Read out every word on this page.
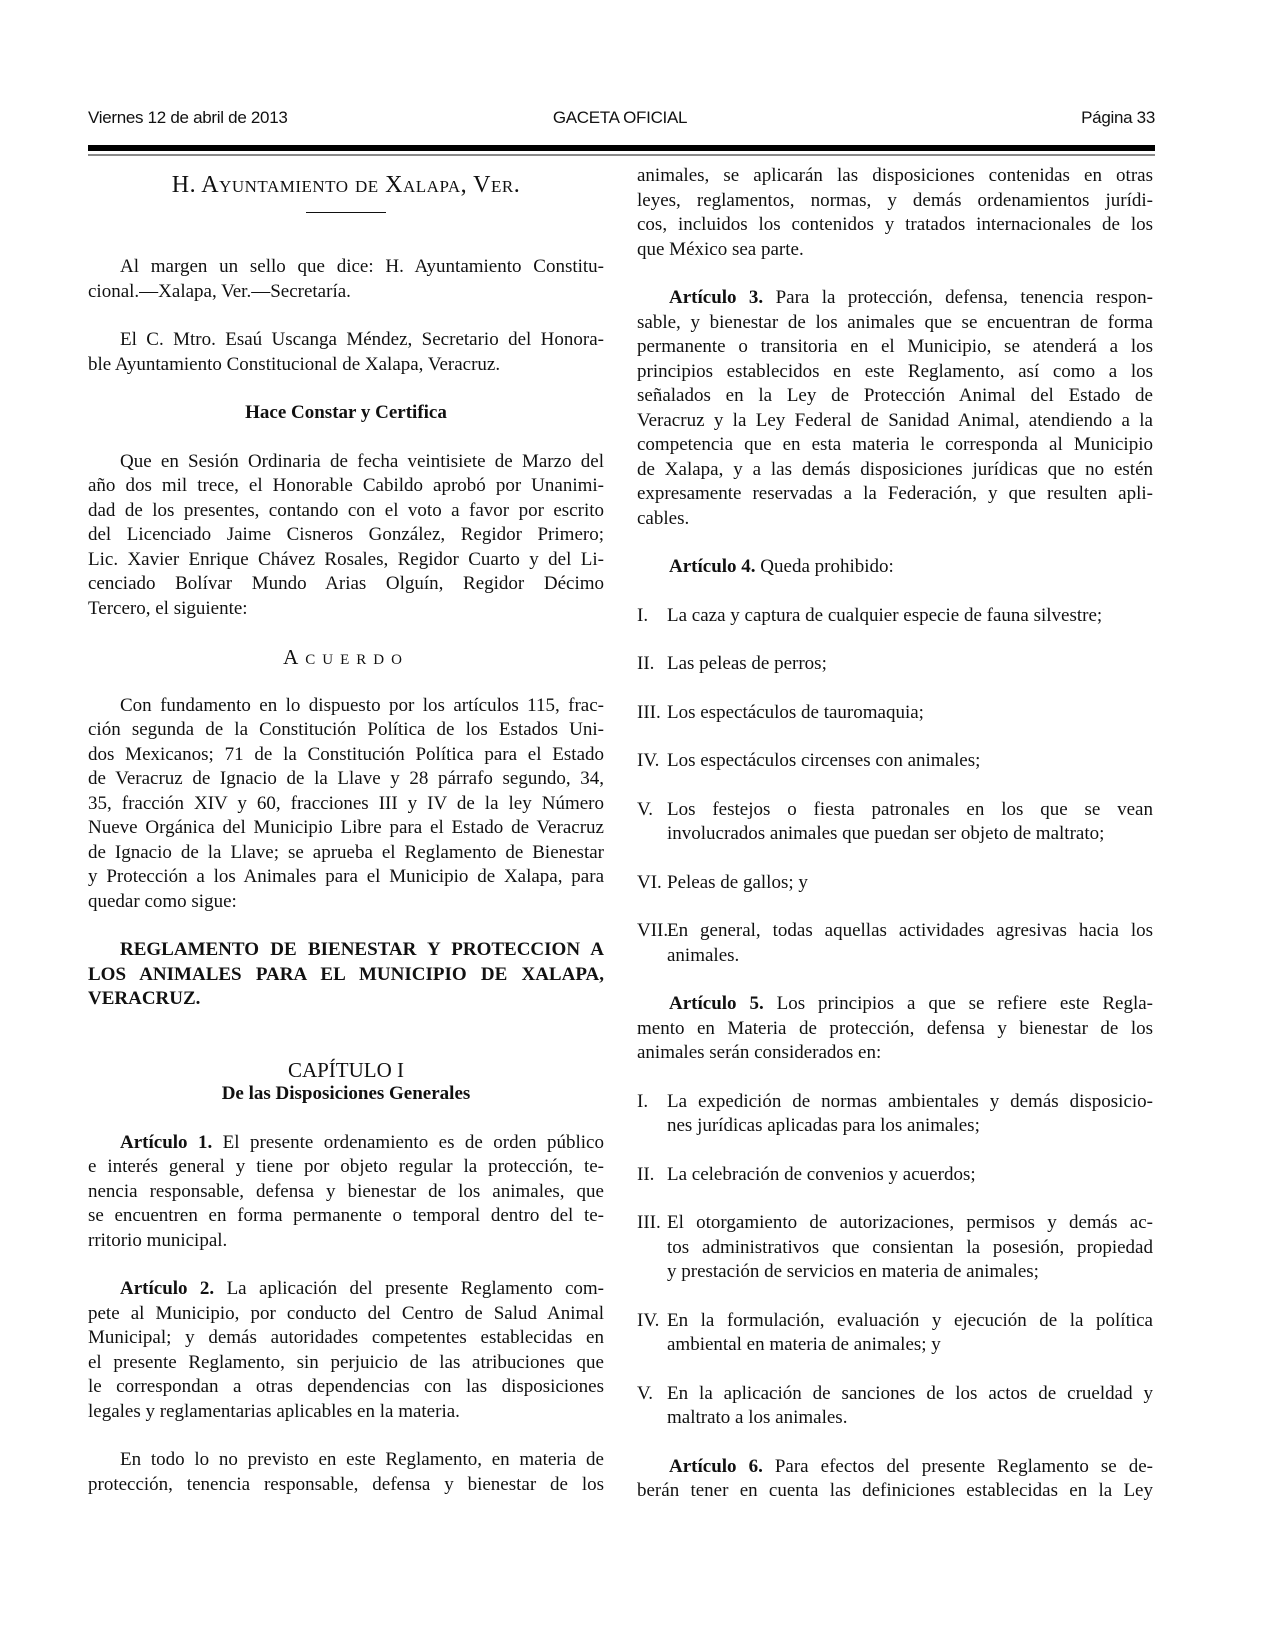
Viernes 12 de abril de 2013	GACETA OFICIAL	Página 33
H. Ayuntamiento de Xalapa, Ver.
Al margen un sello que dice: H. Ayuntamiento Constitu-
cional.—Xalapa, Ver.—Secretaría.
El C. Mtro. Esaú Uscanga Méndez, Secretario del Honora-
ble Ayuntamiento Constitucional de Xalapa, Veracruz.
Hace Constar y Certifica
Que en Sesión Ordinaria de fecha veintisiete de Marzo del
año dos mil trece, el Honorable Cabildo aprobó por Unanimi-
dad de los presentes, contando con el voto a favor por escrito
del Licenciado Jaime Cisneros González, Regidor Primero;
Lic. Xavier Enrique Chávez Rosales, Regidor Cuarto y del Li-
cenciado Bolívar Mundo Arias Olguín, Regidor Décimo
Tercero, el siguiente:
Acuerdo
Con fundamento en lo dispuesto por los artículos 115, frac-
ción segunda de la Constitución Política de los Estados Uni-
dos Mexicanos; 71 de la Constitución Política para el Estado
de Veracruz de Ignacio de la Llave y 28 párrafo segundo, 34,
35, fracción XIV y 60, fracciones III y IV de la ley Número
Nueve Orgánica del Municipio Libre para el Estado de Veracruz
de Ignacio de la Llave; se aprueba el Reglamento de Bienestar
y Protección a los Animales para el Municipio de Xalapa, para
quedar como sigue:
REGLAMENTO DE BIENESTAR Y PROTECCION A
LOS ANIMALES PARA EL MUNICIPIO DE XALAPA,
VERACRUZ.
CAPÍTULO I
De las Disposiciones Generales
Artículo 1. El presente ordenamiento es de orden público
e interés general y tiene por objeto regular la protección, te-
nencia responsable, defensa y bienestar de los animales, que
se encuentren en forma permanente o temporal dentro del te-
rritorio municipal.
Artículo 2. La aplicación del presente Reglamento com-
pete al Municipio, por conducto del Centro de Salud Animal
Municipal; y demás autoridades competentes establecidas en
el presente Reglamento, sin perjuicio de las atribuciones que
le correspondan a otras dependencias con las disposiciones
legales y reglamentarias aplicables en la materia.
En todo lo no previsto en este Reglamento, en materia de
protección, tenencia responsable, defensa y bienestar de los
animales, se aplicarán las disposiciones contenidas en otras
leyes, reglamentos, normas, y demás ordenamientos jurídi-
cos, incluidos los contenidos y tratados internacionales de los
que México sea parte.
Artículo 3. Para la protección, defensa, tenencia respon-
sable, y bienestar de los animales que se encuentran de forma
permanente o transitoria en el Municipio, se atenderá a los
principios establecidos en este Reglamento, así como a los
señalados en la Ley de Protección Animal del Estado de
Veracruz y la Ley Federal de Sanidad Animal, atendiendo a la
competencia que en esta materia le corresponda al Municipio
de Xalapa, y a las demás disposiciones jurídicas que no estén
expresamente reservadas a la Federación, y que resulten apli-
cables.
Artículo 4. Queda prohibido:
I. La caza y captura de cualquier especie de fauna silvestre;
II. Las peleas de perros;
III. Los espectáculos de tauromaquia;
IV. Los espectáculos circenses con animales;
V. Los festejos o fiesta patronales en los que se vean
involucrados animales que puedan ser objeto de maltrato;
VI. Peleas de gallos; y
VII.
En general, todas aquellas actividades agresivas hacia los
animales.
Artículo 5. Los principios a que se refiere este Regla-
mento en Materia de protección, defensa y bienestar de los
animales serán considerados en:
I. La expedición de normas ambientales y demás disposicio-
nes jurídicas aplicadas para los animales;
II. La celebración de convenios y acuerdos;
III. El otorgamiento de autorizaciones, permisos y demás ac-
tos administrativos que consientan la posesión, propiedad
y prestación de servicios en materia de animales;
IV. En la formulación, evaluación y ejecución de la política
ambiental en materia de animales; y
V. En la aplicación de sanciones de los actos de crueldad y
maltrato a los animales.
Artículo 6. Para efectos del presente Reglamento se de-
berán tener en cuenta las definiciones establecidas en la Ley
